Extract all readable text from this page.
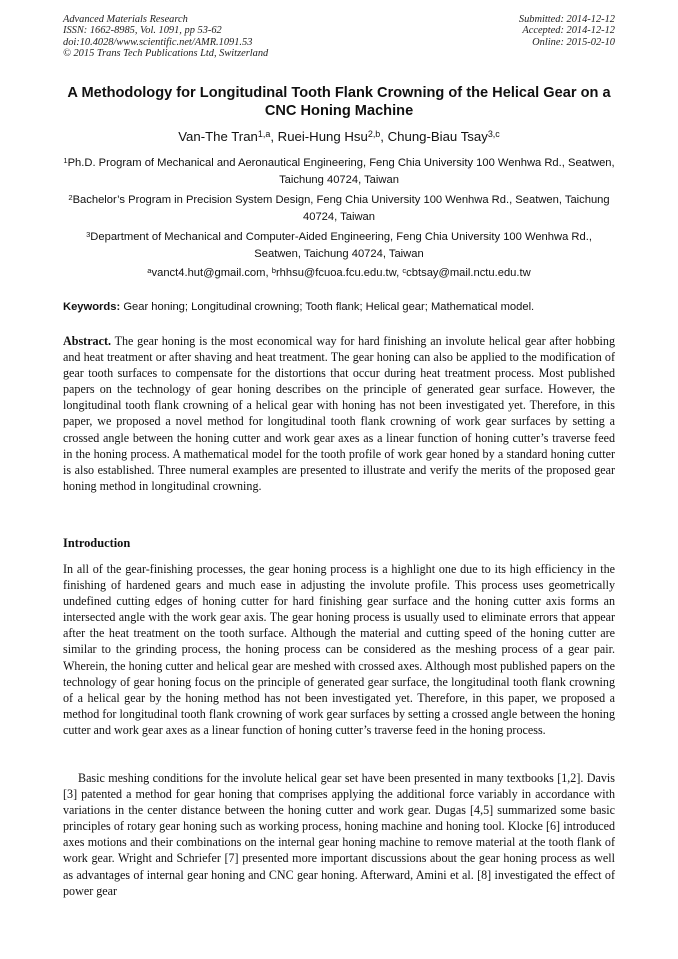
Advanced Materials Research
ISSN: 1662-8985, Vol. 1091, pp 53-62
doi:10.4028/www.scientific.net/AMR.1091.53
© 2015 Trans Tech Publications Ltd, Switzerland
Submitted: 2014-12-12
Accepted: 2014-12-12
Online: 2015-02-10
A Methodology for Longitudinal Tooth Flank Crowning of the Helical Gear on a CNC Honing Machine
Van-The Tran$^{1,a}$, Ruei-Hung Hsu$^{2,b}$, Chung-Biau Tsay$^{3,c}$
$^1$Ph.D. Program of Mechanical and Aeronautical Engineering, Feng Chia University 100 Wenhwa Rd., Seatwen, Taichung 40724, Taiwan
$^2$Bachelor’s Program in Precision System Design, Feng Chia University 100 Wenhwa Rd., Seatwen, Taichung 40724, Taiwan
$^3$Department of Mechanical and Computer-Aided Engineering, Feng Chia University 100 Wenhwa Rd., Seatwen, Taichung 40724, Taiwan
$^a$vanct4.hut@gmail.com, $^b$rhhsu@fcuoa.fcu.edu.tw, $^c$cbtsay@mail.nctu.edu.tw
Keywords: Gear honing; Longitudinal crowning; Tooth flank; Helical gear; Mathematical model.
Abstract. The gear honing is the most economical way for hard finishing an involute helical gear after hobbing and heat treatment or after shaving and heat treatment. The gear honing can also be applied to the modification of gear tooth surfaces to compensate for the distortions that occur during heat treatment process. Most published papers on the technology of gear honing describes on the principle of generated gear surface. However, the longitudinal tooth flank crowning of a helical gear with honing has not been investigated yet. Therefore, in this paper, we proposed a novel method for longitudinal tooth flank crowning of work gear surfaces by setting a crossed angle between the honing cutter and work gear axes as a linear function of honing cutter’s traverse feed in the honing process. A mathematical model for the tooth profile of work gear honed by a standard honing cutter is also established. Three numeral examples are presented to illustrate and verify the merits of the proposed gear honing method in longitudinal crowning.
Introduction
In all of the gear-finishing processes, the gear honing process is a highlight one due to its high efficiency in the finishing of hardened gears and much ease in adjusting the involute profile. This process uses geometrically undefined cutting edges of honing cutter for hard finishing gear surface and the honing cutter axis forms an intersected angle with the work gear axis. The gear honing process is usually used to eliminate errors that appear after the heat treatment on the tooth surface. Although the material and cutting speed of the honing cutter are similar to the grinding process, the honing process can be considered as the meshing process of a gear pair. Wherein, the honing cutter and helical gear are meshed with crossed axes. Although most published papers on the technology of gear honing focus on the principle of generated gear surface, the longitudinal tooth flank crowning of a helical gear by the honing method has not been investigated yet. Therefore, in this paper, we proposed a method for longitudinal tooth flank crowning of work gear surfaces by setting a crossed angle between the honing cutter and work gear axes as a linear function of honing cutter’s traverse feed in the honing process.
Basic meshing conditions for the involute helical gear set have been presented in many textbooks [1,2]. Davis [3] patented a method for gear honing that comprises applying the additional force variably in accordance with variations in the center distance between the honing cutter and work gear. Dugas [4,5] summarized some basic principles of rotary gear honing such as working process, honing machine and honing tool. Klocke [6] introduced axes motions and their combinations on the internal gear honing machine to remove material at the tooth flank of work gear. Wright and Schriefer [7] presented more important discussions about the gear honing process as well as advantages of internal gear honing and CNC gear honing. Afterward, Amini et al. [8] investigated the effect of power gear
